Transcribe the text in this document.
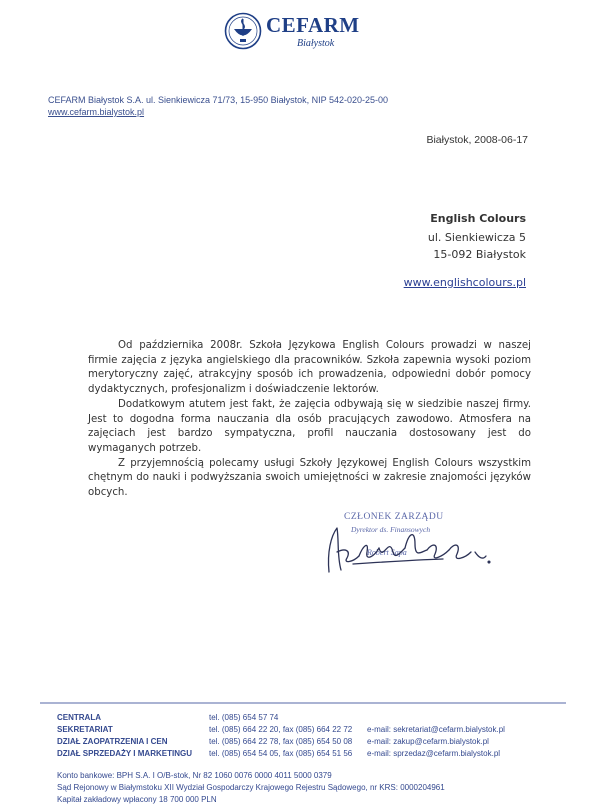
CEFARM
Białystok
CEFARM Białystok S.A. ul. Sienkiewicza 71/73, 15-950 Białystok, NIP 542-020-25-00
www.cefarm.bialystok.pl
Białystok, 2008-06-17
English Colours
ul. Sienkiewicza 5
15-092 Białystok
www.englishcolours.pl

Od października 2008r. Szkoła Językowa English Colours prowadzi w naszej firmie zajęcia z języka angielskiego dla pracowników. Szkoła zapewnia wysoki poziom merytoryczny zajęć, atrakcyjny sposób ich prowadzenia, odpowiedni dobór pomocy dydaktycznych, profesjonalizm i doświadczenie lektorów.

Dodatkowym atutem jest fakt, że zajęcia odbywają się w siedzibie naszej firmy. Jest to dogodna forma nauczania dla osób pracujących zawodowo. Atmosfera na zajęciach jest bardzo sympatyczna, profil nauczania dostosowany jest do wymaganych potrzeb.

Z przyjemnością polecamy usługi Szkoły Językowej English Colours wszystkim chętnym do nauki i podwyższania swoich umiejętności w zakresie znajomości języków obcych.

CZŁONEK ZARZĄDU
Dyrektor ds. Finansowych
Robert Sapa
CENTRALA	tel. (085) 654 57 74
SEKRETARIAT	tel. (085) 664 22 20, fax (085) 664 22 72 e-mail: sekretariat@cefarm.bialystok.pl
DZIAŁ ZAOPATRZENIA I CEN	tel. (085) 664 22 78, fax (085) 654 50 08 e-mail: zakup@cefarm.bialystok.pl
DZIAŁ SPRZEDAŻY I MARKETINGU tel. (085) 654 54 05, fax (085) 654 51 56 e-mail: sprzedaz@cefarm.bialystok.pl
Konto bankowe: BPH S.A. I O/B-stok, Nr 82 1060 0076 0000 4011 5000 0379
Sąd Rejonowy w Białymstoku XII Wydział Gospodarczy Krajowego Rejestru Sądowego, nr KRS: 0000204961
Kapitał zakładowy wpłacony 18 700 000 PLN
